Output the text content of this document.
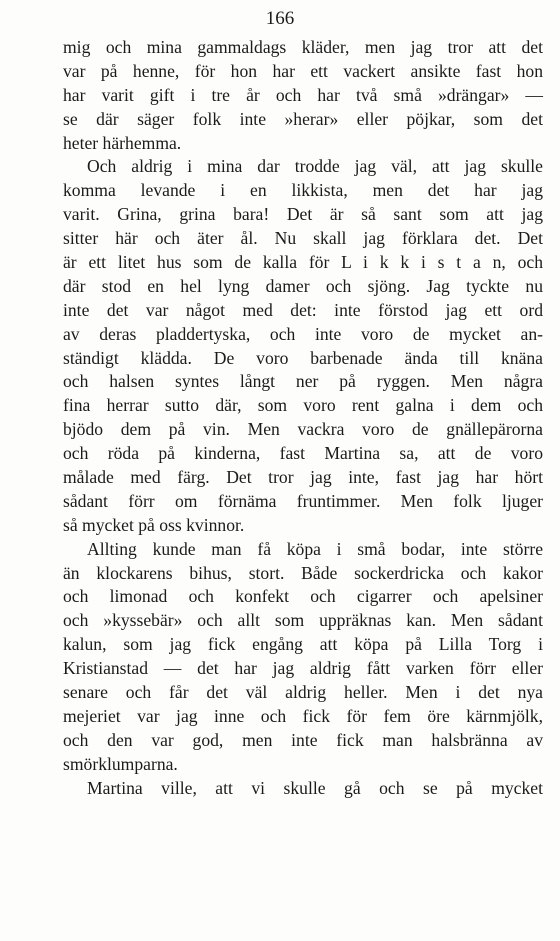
166
mig och mina gammaldags kläder, men jag tror att det
var på henne, för hon har ett vackert ansikte fast hon
har varit gift i tre år och har två små »drängar» —
se där säger folk inte »herar» eller pöjkar, som det
heter härhemma.
Och aldrig i mina dar trodde jag väl, att jag skulle
komma levande i en likkista, men det har jag
varit. Grina, grina bara! Det är så sant som att jag
sitter här och äter ål. Nu skall jag förklara det. Det
är ett litet hus som de kalla för L i k k i s t a n, och
där stod en hel lyng damer och sjöng. Jag tyckte nu
inte det var något med det: inte förstod jag ett ord
av deras pladdertyska, och inte voro de mycket an-
ständigt klädda. De voro barbenade ända till knäna
och halsen syntes långt ner på ryggen. Men några
fina herrar sutto där, som voro rent galna i dem och
bjödo dem på vin. Men vackra voro de gnällepärorna
och röda på kinderna, fast Martina sa, att de voro
målade med färg. Det tror jag inte, fast jag har hört
sådant förr om förnäma fruntimmer. Men folk ljuger
så mycket på oss kvinnor.
Allting kunde man få köpa i små bodar, inte större
än klockarens bihus, stort. Både sockerdricka och kakor
och limonad och konfekt och cigarrer och apelsiner
och »kyssebär» och allt som uppräknas kan. Men sådant
kalun, som jag fick engång att köpa på Lilla Torg i
Kristianstad — det har jag aldrig fått varken förr eller
senare och får det väl aldrig heller. Men i det nya
mejeriet var jag inne och fick för fem öre kärnmjölk,
och den var god, men inte fick man halsbränna av
smörklumparna.
Martina ville, att vi skulle gå och se på mycket
